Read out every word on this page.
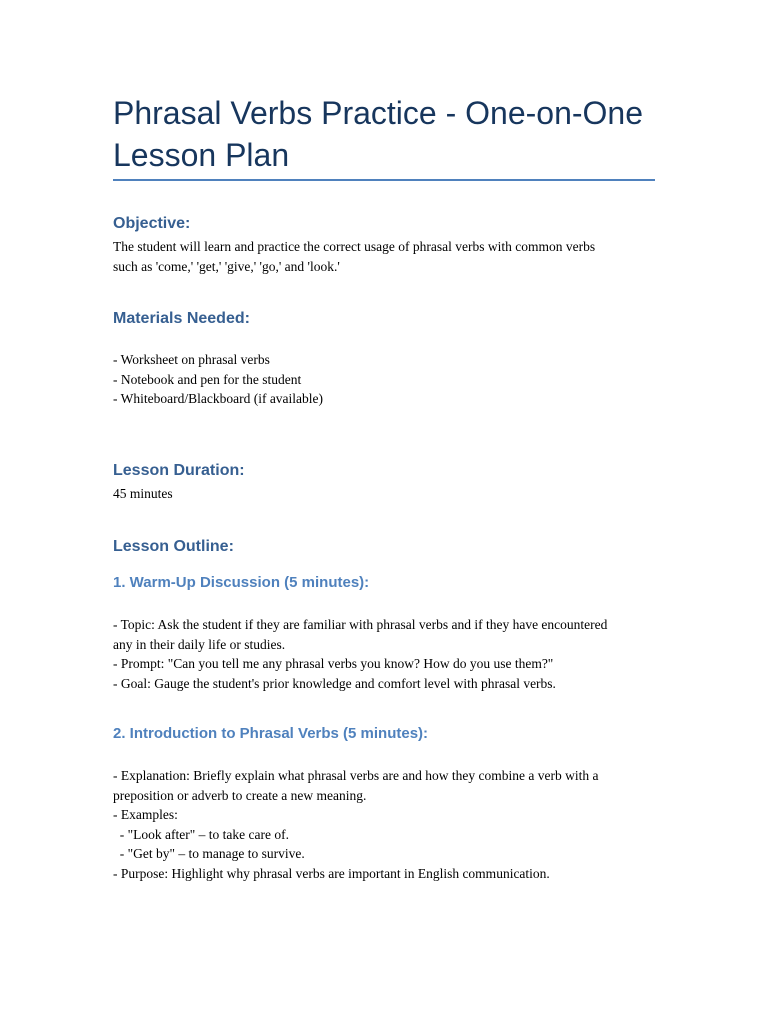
Phrasal Verbs Practice - One-on-One Lesson Plan
Objective:
The student will learn and practice the correct usage of phrasal verbs with common verbs
such as 'come,' 'get,' 'give,' 'go,' and 'look.'
Materials Needed:
- Worksheet on phrasal verbs
- Notebook and pen for the student
- Whiteboard/Blackboard (if available)
Lesson Duration:
45 minutes
Lesson Outline:
1. Warm-Up Discussion (5 minutes):
- Topic: Ask the student if they are familiar with phrasal verbs and if they have encountered
any in their daily life or studies.
- Prompt: "Can you tell me any phrasal verbs you know? How do you use them?"
- Goal: Gauge the student's prior knowledge and comfort level with phrasal verbs.
2. Introduction to Phrasal Verbs (5 minutes):
- Explanation: Briefly explain what phrasal verbs are and how they combine a verb with a
preposition or adverb to create a new meaning.
- Examples:
- "Look after" – to take care of.
- "Get by" – to manage to survive.
- Purpose: Highlight why phrasal verbs are important in English communication.
